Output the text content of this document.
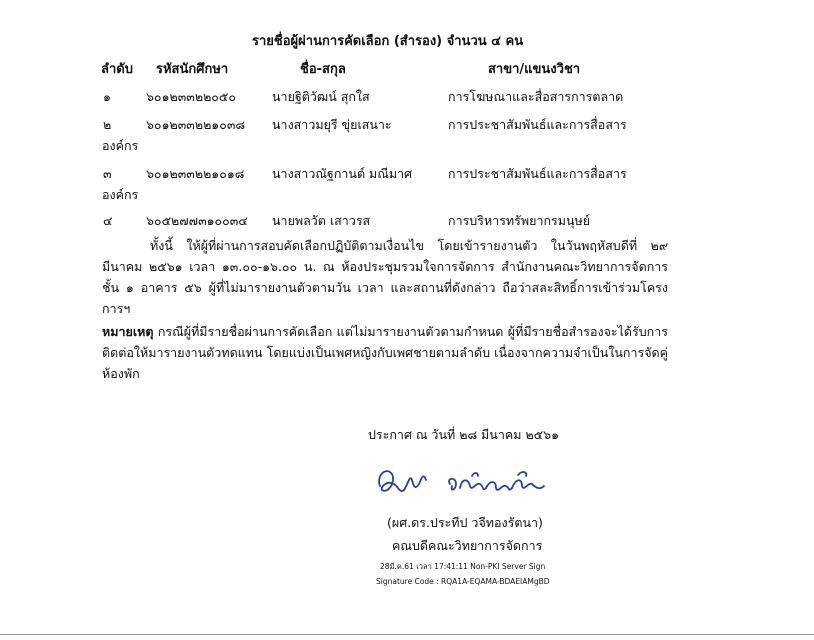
รายชื่อผู้ผ่านการคัดเลือก (สำรอง) จำนวน ๔ คน
ลำดับ รหัสนักศึกษา	ชื่อ-สกุล	สาขา/แขนงวิชา
๑	๖๐๑๒๓๓๒๒๐๕๐	นายฐิติวัฒน์ สุกใส	การโฆษณาและสื่อสารการตลาด
๒	๖๐๑๒๓๓๒๒๑๐๓๘ นางสาวมยุรี ขุ่ยเสนาะ	การประชาสัมพันธ์และการสื่อสาร
องค์กร
๓	๖๐๑๒๓๓๒๒๑๐๑๘ นางสาวณัฐกานต์ มณีมาศ	การประชาสัมพันธ์และการสื่อสาร
องค์กร
๔	๖๐๕๒๗๗๓๑๐๐๓๔ นายพลวัต เสาวรส	การบริหารทรัพยากรมนุษย์
ทั้งนี้ ให้ผู้ที่ผ่านการสอบคัดเลือกปฏิบัติตามเงื่อนไข โดยเข้ารายงานตัว ในวันพฤหัสบดีที่ ๒๙ มีนาคม ๒๕๖๑ เวลา ๑๓.๐๐-๑๖.๐๐ น. ณ ห้องประชุมรวมใจการจัดการ สำนักงานคณะวิทยาการจัดการ ชั้น ๑ อาคาร ๕๖ ผู้ที่ไม่มารายงานตัวตามวัน เวลา และสถานที่ดังกล่าว ถือว่าสละสิทธิ์การเข้าร่วมโครงการฯ
หมายเหตุ กรณีผู้ที่มีรายชื่อผ่านการคัดเลือก แต่ไม่มารายงานตัวตามกำหนด ผู้ที่มีรายชื่อสำรองจะได้รับการติดต่อให้มารายงานตัวทดแทน โดยแบ่งเป็นเพศหญิงกับเพศชายตามลำดับ เนื่องจากความจำเป็นในการจัดคู่ห้องพัก
ประกาศ ณ วันที่ ๒๘ มีนาคม ๒๕๖๑
(ผศ.ดร.ประทีป วจีทองรัตนา)
คณบดีคณะวิทยาการจัดการ
28มี.ค.61 เวลา 17:41:11 Non-PKI Server Sign
Signature Code : RQA1A-EQAMA-BDAEIAMgBD
